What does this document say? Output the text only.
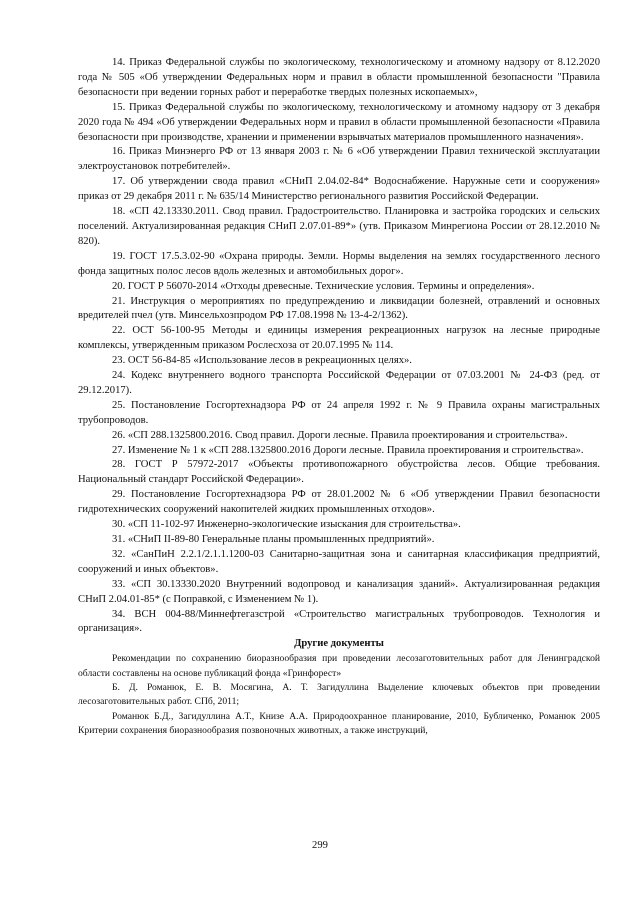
14. Приказ Федеральной службы по экологическому, технологическому и атомному надзору от 8.12.2020 года № 505 «Об утверждении Федеральных норм и правил в области промышленной безопасности "Правила безопасности при ведении горных работ и переработке твердых полезных ископаемых»,

15. Приказ Федеральной службы по экологическому, технологическому и атомному надзору от 3 декабря 2020 года № 494 «Об утверждении Федеральных норм и правил в области промышленной безопасности «Правила безопасности при производстве, хранении и применении взрывчатых материалов промышленного назначения».

16. Приказ Минэнерго РФ от 13 января 2003 г. № 6 «Об утверждении Правил технической эксплуатации электроустановок потребителей».

17. Об утверждении свода правил «СНиП 2.04.02-84* Водоснабжение. Наружные сети и сооружения» приказ от 29 декабря 2011 г. № 635/14 Министерство регионального развития Российской Федерации.

18. «СП 42.13330.2011. Свод правил. Градостроительство. Планировка и застройка городских и сельских поселений. Актуализированная редакция СНиП 2.07.01-89*» (утв. Приказом Минрегиона России от 28.12.2010 № 820).

19. ГОСТ 17.5.3.02-90 «Охрана природы. Земли. Нормы выделения на землях государственного лесного фонда защитных полос лесов вдоль железных и автомобильных дорог».

20. ГОСТ Р 56070-2014 «Отходы древесные. Технические условия. Термины и определения».

21. Инструкция о мероприятиях по предупреждению и ликвидации болезней, отравлений и основных вредителей пчел (утв. Минсельхозпродом РФ 17.08.1998 № 13-4-2/1362).

22. ОСТ 56-100-95 Методы и единицы измерения рекреационных нагрузок на лесные природные комплексы, утвержденным приказом Рослесхоза от 20.07.1995 № 114.

23. ОСТ 56-84-85 «Использование лесов в рекреационных целях».

24. Кодекс внутреннего водного транспорта Российской Федерации от 07.03.2001 № 24-ФЗ (ред. от 29.12.2017).

25. Постановление Госгортехнадзора РФ от 24 апреля 1992 г. № 9 Правила охраны магистральных трубопроводов.

26. «СП 288.1325800.2016. Свод правил. Дороги лесные. Правила проектирования и строительства».

27. Изменение № 1 к «СП 288.1325800.2016 Дороги лесные. Правила проектирования и строительства».

28. ГОСТ Р 57972-2017 «Объекты противопожарного обустройства лесов. Общие требования. Национальный стандарт Российской Федерации».

29. Постановление Госгортехнадзора РФ от 28.01.2002 № 6 «Об утверждении Правил безопасности гидротехнических сооружений накопителей жидких промышленных отходов».

30. «СП 11-102-97 Инженерно-экологические изыскания для строительства».

31. «СНиП II-89-80 Генеральные планы промышленных предприятий».

32. «СанПиН 2.2.1/2.1.1.1200-03 Санитарно-защитная зона и санитарная классификация предприятий, сооружений и иных объектов».

33. «СП 30.13330.2020 Внутренний водопровод и канализация зданий». Актуализированная редакция СНиП 2.04.01-85* (с Поправкой, с Изменением № 1).

34. ВСН 004-88/Миннефтегазстрой «Строительство магистральных трубопроводов. Технология и организация».

Другие документы

Рекомендации по сохранению биоразнообразия при проведении лесозаготовительных работ для Ленинградской области составлены на основе публикаций фонда «Гринфорест»

Б. Д. Романюк, Е. В. Мосягина, А. Т. Загидуллина Выделение ключевых объектов при проведении лесозаготовительных работ. СПб, 2011;

Романюк Б.Д., Загидуллина А.Т., Книзе А.А. Природоохранное планирование, 2010, Бубличенко, Романюк 2005 Критерии сохранения биоразнообразия позвоночных животных, а также инструкций,

299
